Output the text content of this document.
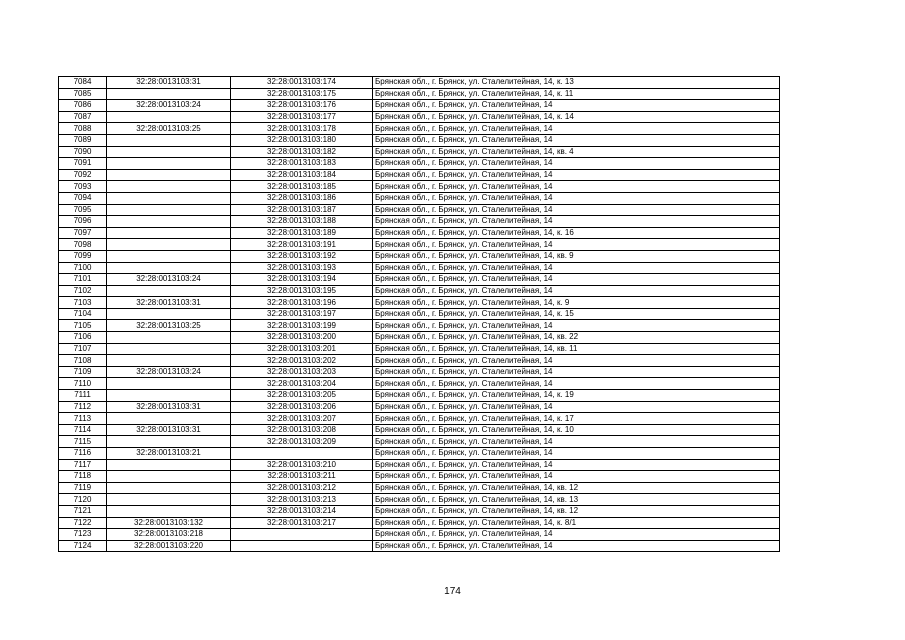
7084	32:28:0013103:31	32:28:0013103:174	Брянская обл., г. Брянск, ул. Сталелитейная, 14, к. 13
7085		32:28:0013103:175	Брянская обл., г. Брянск, ул. Сталелитейная, 14, к. 11
7086	32:28:0013103:24	32:28:0013103:176	Брянская обл., г. Брянск, ул. Сталелитейная, 14
7087		32:28:0013103:177	Брянская обл., г. Брянск, ул. Сталелитейная, 14, к. 14
7088	32:28:0013103:25	32:28:0013103:178	Брянская обл., г. Брянск, ул. Сталелитейная, 14
7089		32:28:0013103:180	Брянская обл., г. Брянск, ул. Сталелитейная, 14
7090		32:28:0013103:182	Брянская обл., г. Брянск, ул. Сталелитейная, 14, кв. 4
7091		32:28:0013103:183	Брянская обл., г. Брянск, ул. Сталелитейная, 14
7092		32:28:0013103:184	Брянская обл., г. Брянск, ул. Сталелитейная, 14
7093		32:28:0013103:185	Брянская обл., г. Брянск, ул. Сталелитейная, 14
7094		32:28:0013103:186	Брянская обл., г. Брянск, ул. Сталелитейная, 14
7095		32:28:0013103:187	Брянская обл., г. Брянск, ул. Сталелитейная, 14
7096		32:28:0013103:188	Брянская обл., г. Брянск, ул. Сталелитейная, 14
7097		32:28:0013103:189	Брянская обл., г. Брянск, ул. Сталелитейная, 14, к. 16
7098		32:28:0013103:191	Брянская обл., г. Брянск, ул. Сталелитейная, 14
7099		32:28:0013103:192	Брянская обл., г. Брянск, ул. Сталелитейная, 14, кв. 9
7100		32:28:0013103:193	Брянская обл., г. Брянск, ул. Сталелитейная, 14
7101	32:28:0013103:24	32:28:0013103:194	Брянская обл., г. Брянск, ул. Сталелитейная, 14
7102		32:28:0013103:195	Брянская обл., г. Брянск, ул. Сталелитейная, 14
7103	32:28:0013103:31	32:28:0013103:196	Брянская обл., г. Брянск, ул. Сталелитейная, 14, к. 9
7104		32:28:0013103:197	Брянская обл., г. Брянск, ул. Сталелитейная, 14, к. 15
7105	32:28:0013103:25	32:28:0013103:199	Брянская обл., г. Брянск, ул. Сталелитейная, 14
7106		32:28:0013103:200	Брянская обл., г. Брянск, ул. Сталелитейная, 14, кв. 22
7107		32:28:0013103:201	Брянская обл., г. Брянск, ул. Сталелитейная, 14, кв. 11
7108		32:28:0013103:202	Брянская обл., г. Брянск, ул. Сталелитейная, 14
7109	32:28:0013103:24	32:28:0013103:203	Брянская обл., г. Брянск, ул. Сталелитейная, 14
7110		32:28:0013103:204	Брянская обл., г. Брянск, ул. Сталелитейная, 14
7111		32:28:0013103:205	Брянская обл., г. Брянск, ул. Сталелитейная, 14, к. 19
7112	32:28:0013103:31	32:28:0013103:206	Брянская обл., г. Брянск, ул. Сталелитейная, 14
7113		32:28:0013103:207	Брянская обл., г. Брянск, ул. Сталелитейная, 14, к. 17
7114	32:28:0013103:31	32:28:0013103:208	Брянская обл., г. Брянск, ул. Сталелитейная, 14, к. 10
7115		32:28:0013103:209	Брянская обл., г. Брянск, ул. Сталелитейная, 14
7116	32:28:0013103:21		Брянская обл., г. Брянск, ул. Сталелитейная, 14
7117		32:28:0013103:210	Брянская обл., г. Брянск, ул. Сталелитейная, 14
7118		32:28:0013103:211	Брянская обл., г. Брянск, ул. Сталелитейная, 14
7119		32:28:0013103:212	Брянская обл., г. Брянск, ул. Сталелитейная, 14, кв. 12
7120		32:28:0013103:213	Брянская обл., г. Брянск, ул. Сталелитейная, 14, кв. 13
7121		32:28:0013103:214	Брянская обл., г. Брянск, ул. Сталелитейная, 14, кв. 12
7122	32:28:0013103:132	32:28:0013103:217	Брянская обл., г. Брянск, ул. Сталелитейная, 14, к. 8/1
7123	32:28:0013103:218		Брянская обл., г. Брянск, ул. Сталелитейная, 14
7124	32:28:0013103:220		Брянская обл., г. Брянск, ул. Сталелитейная, 14
174
